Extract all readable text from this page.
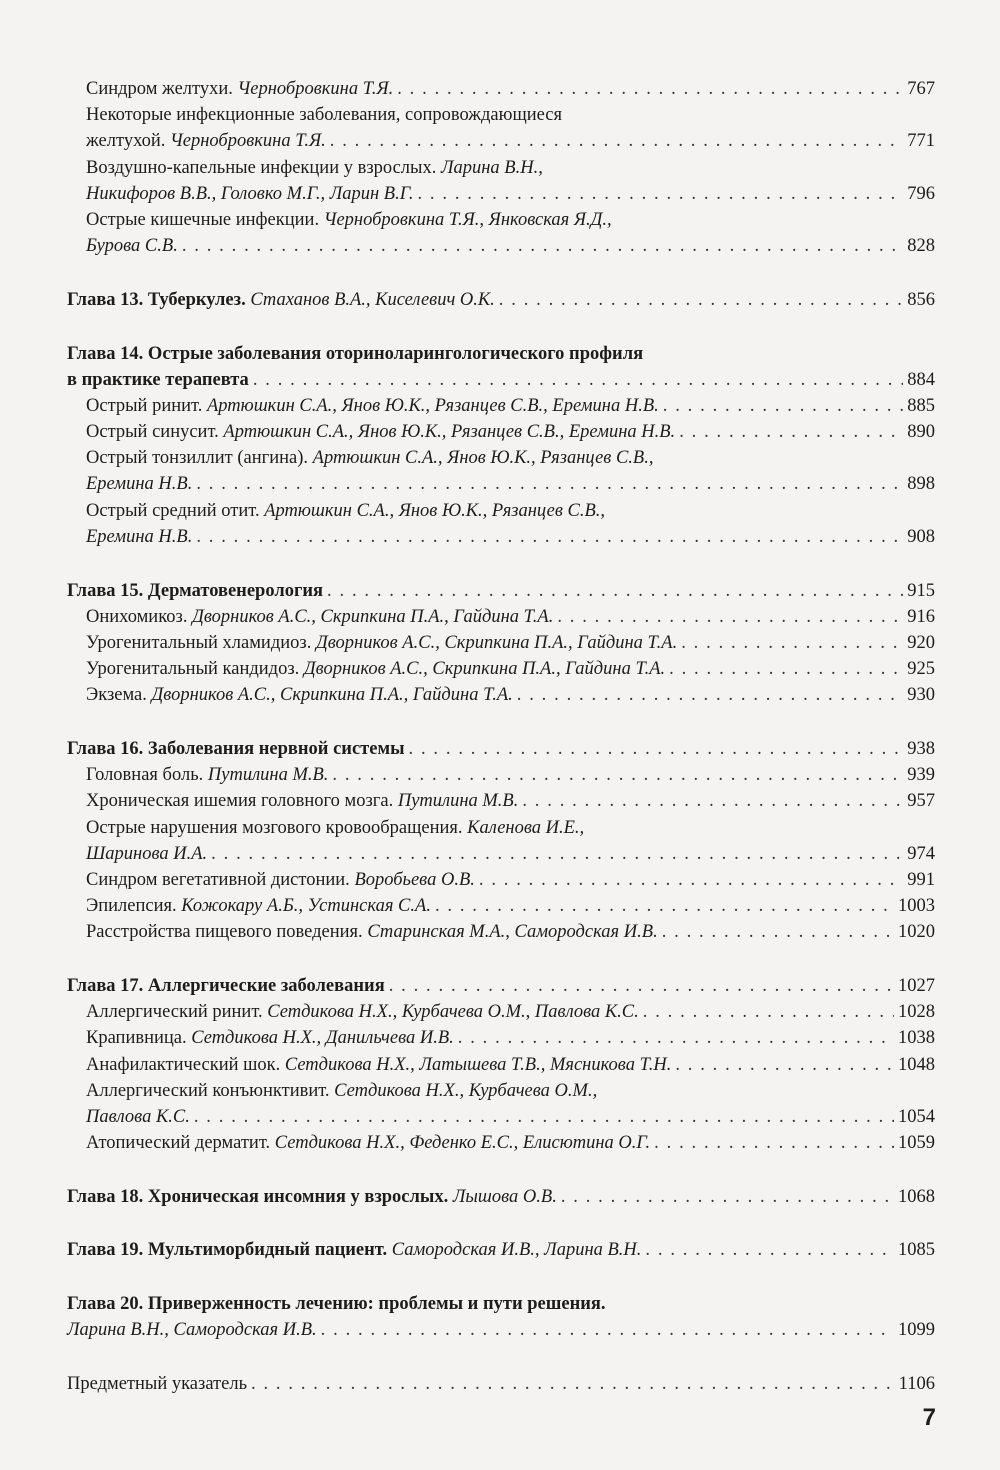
Синдром желтухи. Чернобровкина Т.Я. . . .	767
Некоторые инфекционные заболевания, сопровождающиеся
желтухой. Чернобровкина Т.Я. . . .	771
Воздушно-капельные инфекции у взрослых. Ларина В.Н.,
Никифоров В.В., Головко М.Г., Ларин В.Г. . . .	796
Острые кишечные инфекции. Чернобровкина Т.Я., Янковская Я.Д.,
Бурова С.В. . . .	828
Глава 13. Туберкулез. Стаханов В.А., Киселевич О.К. . . .	856
Глава 14. Острые заболевания оториноларингологического профиля
в практике терапевта . . .	884
Острый ринит. Артюшкин С.А., Янов Ю.К., Рязанцев С.В., Еремина Н.В. . . .	885
Острый синусит. Артюшкин С.А., Янов Ю.К., Рязанцев С.В., Еремина Н.В. . . .	890
Острый тонзиллит (ангина). Артюшкин С.А., Янов Ю.К., Рязанцев С.В.,
Еремина Н.В. . . .	898
Острый средний отит. Артюшкин С.А., Янов Ю.К., Рязанцев С.В.,
Еремина Н.В. . . .	908
Глава 15. Дерматовенерология . . .	915
Онихомикоз. Дворников А.С., Скрипкина П.А., Гайдина Т.А. . . .	916
Урогенитальный хламидиоз. Дворников А.С., Скрипкина П.А., Гайдина Т.А. . . .	920
Урогенитальный кандидоз. Дворников А.С., Скрипкина П.А., Гайдина Т.А. . . .	925
Экзема. Дворников А.С., Скрипкина П.А., Гайдина Т.А. . . .	930
Глава 16. Заболевания нервной системы . . .	938
Головная боль. Путилина М.В. . . .	939
Хроническая ишемия головного мозга. Путилина М.В. . . .	957
Острые нарушения мозгового кровообращения. Каленова И.Е.,
Шаринова И.А. . . .	974
Синдром вегетативной дистонии. Воробьева О.В. . . .	991
Эпилепсия. Кожокару А.Б., Устинская С.А. . . .	1003
Расстройства пищевого поведения. Старинская М.А., Самородская И.В. . . .	1020
Глава 17. Аллергические заболевания . . .	1027
Аллергический ринит. Сетдикова Н.Х., Курбачева О.М., Павлова К.С. . . .	1028
Крапивница. Сетдикова Н.Х., Данильчева И.В. . . .	1038
Анафилактический шок. Сетдикова Н.Х., Латышева Т.В., Мясникова Т.Н. . . .	1048
Аллергический конъюнктивит. Сетдикова Н.Х., Курбачева О.М.,
Павлова К.С. . . .	1054
Атопический дерматит. Сетдикова Н.Х., Феденко Е.С., Елисютина О.Г. . . .	1059
Глава 18. Хроническая инсомния у взрослых. Лышова О.В. . . .	1068
Глава 19. Мультиморбидный пациент. Самородская И.В., Ларина В.Н. . . .	1085
Глава 20. Приверженность лечению: проблемы и пути решения.
Ларина В.Н., Самородская И.В. . . .	1099
Предметный указатель . . .	1106
7
